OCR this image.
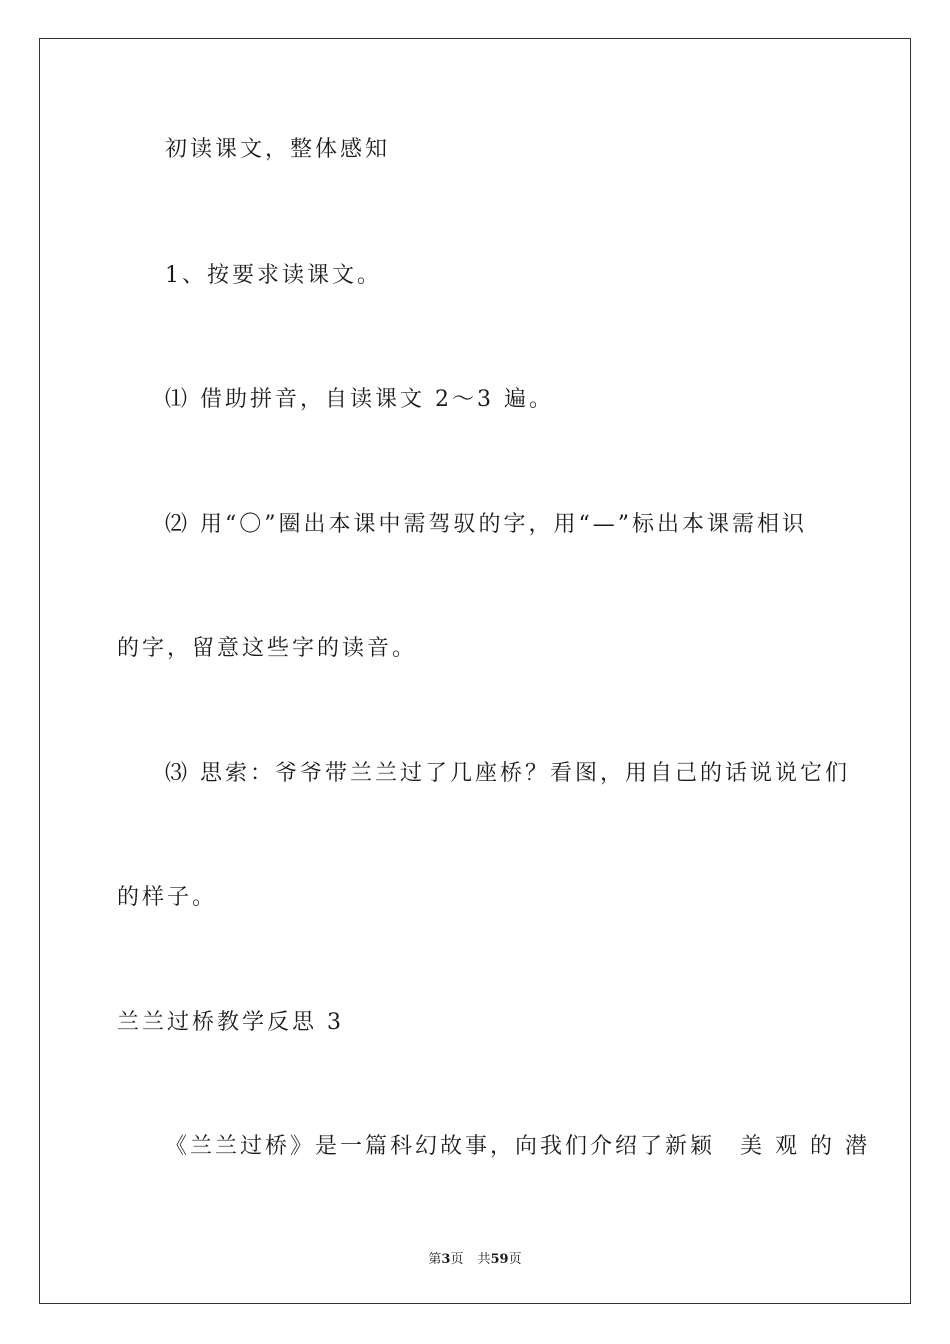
初读课文，整体感知
1、按要求读课文。
⑴ 借助拼音，自读课文 2～3 遍。
⑵ 用“〇”圈出本课中需驾驭的字，用“—”标出本课需相识
的字，留意这些字的读音。
⑶ 思索：爷爷带兰兰过了几座桥？看图，用自己的话说说它们
的样子。
兰兰过桥教学反思 3
《兰兰过桥》是一篇科幻故事，向我们介绍了新颖　美 观 的 潜
第3页 共59页
